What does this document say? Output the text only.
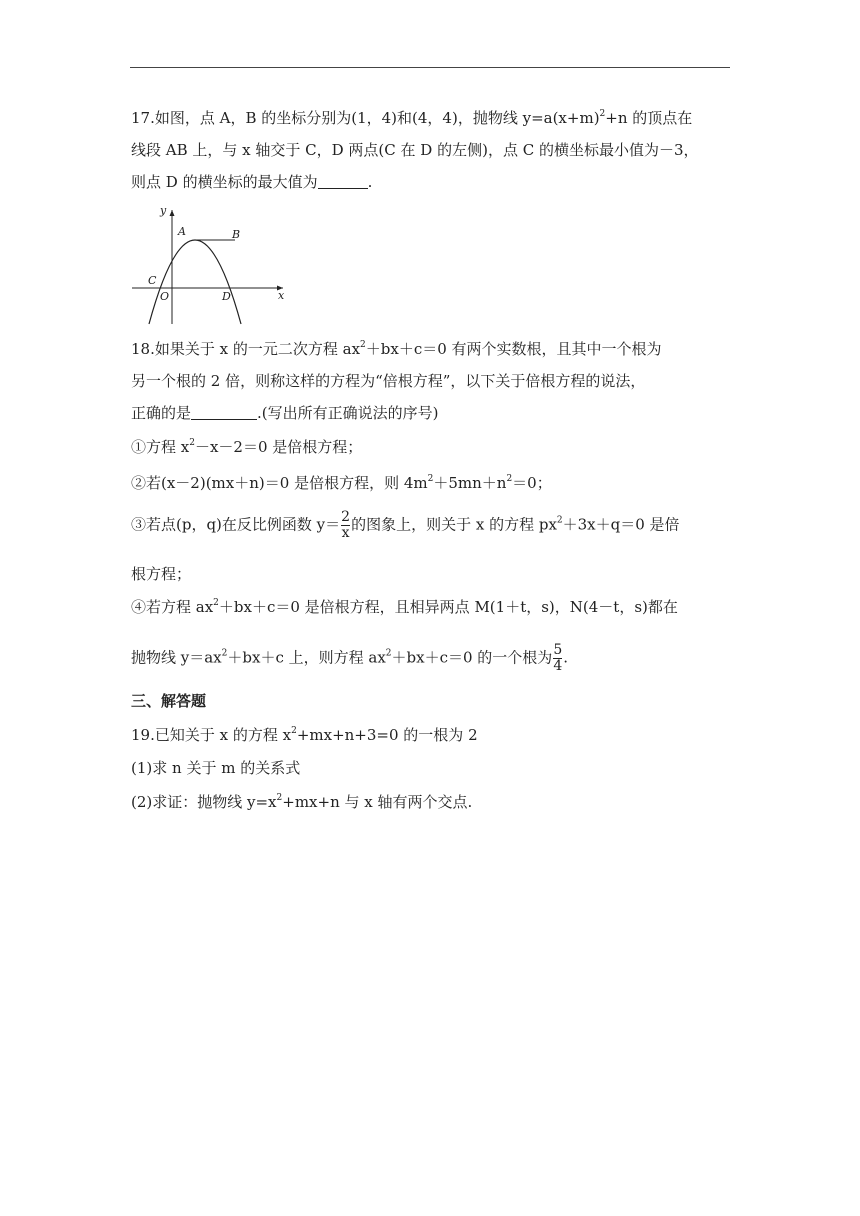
17.如图，点 A，B 的坐标分别为(1，4)和(4，4)，抛物线 $y=a(x+m)^2+n$ 的顶点在
线段 AB 上，与 x 轴交于 C，D 两点(C 在 D 的左侧)，点 C 的横坐标最小值为－3，
则点 D 的横坐标的最大值为	.
y
x
A	B
C
O	D
18.如果关于 x 的一元二次方程 $ax^2+bx+c=0$ 有两个实数根，且其中一个根为
另一个根的 2 倍，则称这样的方程为“倍根方程”，以下关于倍根方程的说法，
正确的是	.(写出所有正确说法的序号)
①方程 $x^2-x-2=0$ 是倍根方程；
②若(x－2)(mx＋n)＝0 是倍根方程，则 $4m^2+5mn+n^2=0$；
③若点(p，q)在反比例函数 $y= \frac{2}{x}$ 的图象上，则关于 x 的方程 $px^2+3x+q=0$ 是倍
根方程；
④若方程 $ax^2+bx+c=0$ 是倍根方程，且相异两点 M(1＋t，s)，N(4－t，s)都在
抛物线 $y=ax^2+bx+c$ 上，则方程 $ax^2+bx+c=0$ 的一个根为 $\frac{5}{4}$ .
三、解答题
19.已知关于 x 的方程 $x^2+mx+n+3=0$ 的一根为 2
(1)求 n 关于 m 的关系式
(2)求证：抛物线 $y=x^2+mx+n$ 与 x 轴有两个交点.
